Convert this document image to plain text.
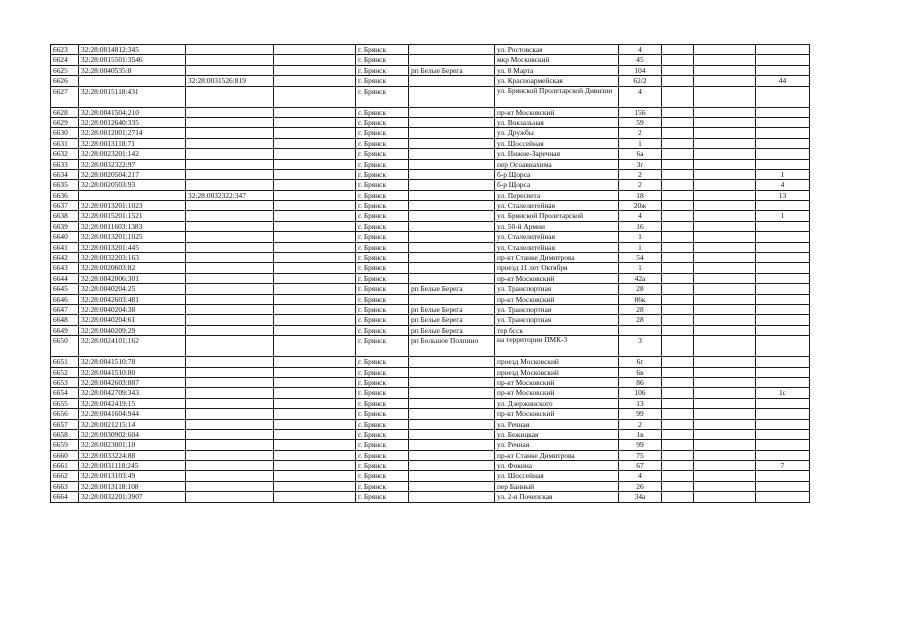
6623	32:28:0014812:345			г. Брянск		ул. Ростовская	4			
6624	32:28:0015501:3546			г. Брянск		мкр Московский	45			
6625	32:28:0040535:8			г. Брянск	рп Белые Берега	ул. 8 Марта	104			
6626		32:28:0031526:819		г. Брянск		ул. Красноармейская	62/2			44
6627	32:28:0015118:431			г. Брянск		ул. Брянской Пролетарской Дивизии	4			
6628	32:28:0041504:210			г. Брянск		пр-кт Московский	156			
6629	32:28:0012640:335			г. Брянск		ул. Вокзальная	59			
6630	32:28:0012001:2714			г. Брянск		ул. Дружбы	2			
6631	32:28:0013118:71			г. Брянск		ул. Шоссейная	1			
6632	32:28:0023201:142			г. Брянск		ул. Нижне-Заречная	6а			
6633	32:28:0032322:97			г. Брянск		пер Осоавиахима	3г			
6634	32:28:0020504:217			г. Брянск		б-р Щорса	2			1
6635	32:28:0020503:93			г. Брянск		б-р Щорса	2			4
6636		32:28:0032322:347		г. Брянск		ул. Пересвета	18			13
6637	32:28:0013201:1023			г. Брянск		ул. Сталелитейная	20ж			
6638	32:28:0015201:1521			г. Брянск		ул. Брянской Пролетарской	4			1
6639	32:28:0011603:1383			г. Брянск		ул. 50-й Армии	16			
6640	32:28:0013201:1025			г. Брянск		ул. Сталелитейная	1			
6641	32:28:0013201:445			г. Брянск		ул. Сталелитейная	1			
6642	32:28:0032203:163			г. Брянск		пр-кт Станке Димитрова	54			
6643	32:28:0020603:82			г. Брянск		проезд 11 лет Октября	1			
6644	32:28:0042006:301			г. Брянск		пр-кт Московский	42а			
6645	32:28:0040204:25			г. Брянск	рп Белые Берега	ул. Транспортная	28			
6646	32:28:0042603:481			г. Брянск		пр-кт Московский	86к			
6647	32:28:0040204:38			г. Брянск	рп Белые Берега	ул. Транспортная	28			
6648	32:28:0040204:61			г. Брянск	рп Белые Берега	ул. Транспортная	28			
6649	32:28:0040209:29			г. Брянск	рп Белые Берега	тер бсск				
6650	32:28:0024101:162			г. Брянск	рп Большое Полпино	на территории ПМК-3	3			
6651	32:28:0041510:78			г. Брянск		проезд Московский	6г			
6652	32:28:0041510:80			г. Брянск		проезд Московский	6в			
6653	32:28:0042603:887			г. Брянск		пр-кт Московский	86			
6654	32:28:0042709:343			г. Брянск		пр-кт Московский	106			1с
6655	32:28:0042419:15			г. Брянск		ул. Дзержинского	13			
6656	32:28:0041604:944			г. Брянск		пр-кт Московский	99			
6657	32:28:0021215:14			г. Брянск		ул. Речная	2			
6658	32:28:0030902:604			г. Брянск		ул. Бежицкая	1в			
6659	32:28:0023001:10			г. Брянск		ул. Речная	99			
6660	32:28:0033224:88			г. Брянск		пр-кт Станке Димитрова	75			
6661	32:28:0031118:245			г. Брянск		ул. Фокина	67			7
6662	32:28:0013103:49			г. Брянск		ул. Шоссейная	4			
6663	32:28:0013118:108			г. Брянск		пер Банный	26			
6664	32:28:0032201:3907			г. Брянск		ул. 2-я Почепская	34а			
